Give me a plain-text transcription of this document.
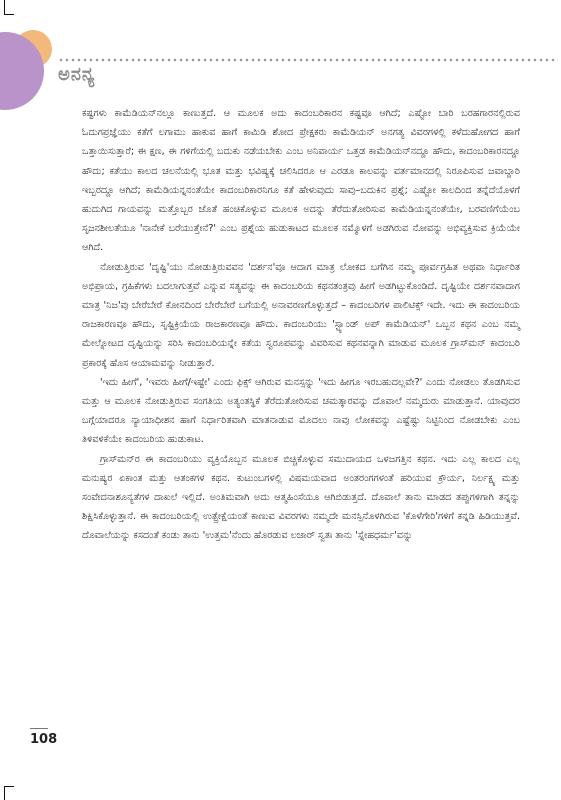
ಅನನ್ಯ

ಕಷ್ಟಗಳು ಕಾಮೆಡಿಯನ್‌ನಲ್ಲೂ ಕಾಣುತ್ತದೆ. ಆ ಮೂಲಕ ಅದು ಕಾದಂಬರಿಕಾರನ ಕಷ್ಟವೂ ಆಗಿದೆ; ಎಷ್ಟೋ ಬಾರಿ ಬರಹಗಾರನಲ್ಲಿರುವ ಓದುಗಪ್ರಜ್ಞೆಯು ಕತೆಗೆ ಲಗಾಮು ಹಾಕುವ ಹಾಗೆ ಕಾಮಿಡಿ ಶೋದ ಪ್ರೇಕ್ಷಕರು ಕಾಮೆಡಿಯನ್ ಅನಗತ್ಯ ವಿವರಗಳಲ್ಲಿ ಕಳೆದುಹೋಗದ ಹಾಗೆ ಒತ್ತಾಯಿಸುತ್ತಾರೆ; ಈ ಕ್ಷಣ, ಈ ಗಳಿಗೆಯಲ್ಲಿ ಬದುಕು ನಡೆಯಬೇಕು ಎಂಬ ಅನಿವಾರ್ಯ ಒತ್ತಡ ಕಾಮೆಡಿಯನ್‌ನದ್ದೂ ಹೌದು, ಕಾದಂಬರಿಕಾರನದ್ದೂ ಹೌದು; ಕತೆಯು ಕಾಲದ ಚಲನೆಯಲ್ಲಿ ಭೂತ ಮತ್ತು ಭವಿಷ್ಯಕ್ಕೆ ಚಲಿಸಿದರೂ ಆ ಎರಡೂ ಕಾಲವನ್ನು ವರ್ತಮಾನದಲ್ಲಿ ನಿರೂಪಿಸುವ ಜವಾಬ್ದಾರಿ ಇಬ್ಬರದ್ದೂ ಆಗಿದೆ; ಕಾಮೆಡಿಯನ್ನನಂತೆಯೇ ಕಾದಂಬರಿಕಾರನಿಗೂ ಕತೆ ಹೇಳುವುದು ಸಾವು–ಬದುಕಿನ ಪ್ರಶ್ನೆ; ಎಷ್ಟೋ ಕಾಲದಿಂದ ತನ್ನೆದೆಯೊಳಗೆ ಹುದುಗಿದ ಗಾಯವನ್ನು ಮತ್ತೊಬ್ಬರ ಜೊತೆ ಹಂಚಿಕೊಳ್ಳುವ ಮೂಲಕ ಅದನ್ನು ತೆರೆದುತೋರಿಸುವ ಕಾಮೆಡಿಯನ್ನನಂತೆಯೇ, ಬರವಣಿಗೆಯೆಂಬ ಸೃಜನಶೀಲತೆಯೂ 'ನಾನೇಕೆ ಬರೆಯುತ್ತೇನೆ?' ಎಂಬ ಪ್ರಶ್ನೆಯ ಹುಡುಕಾಟದ ಮೂಲಕ ನಮ್ಮೊಳಗೆ ಅಡಗಿರುವ ನೋವನ್ನು ಅಭಿವ್ಯಕ್ತಿಸುವ ಕ್ರಿಯೆಯೇ ಆಗಿದೆ.

ನೋಡುತ್ತಿರುವ 'ದೃಷ್ಟಿ'ಯು ನೋಡುತ್ತಿರುವವನ 'ದರ್ಶನ'ವೂ ಆದಾಗ ಮಾತ್ರ ಲೋಕದ ಬಗೆಗಿನ ನಮ್ಮ ಪೂರ್ವಗ್ರಹಿತ ಅಥವಾ ನಿರ್ಧಾರಿತ ಅಭಿಪ್ರಾಯ, ಗ್ರಹಿಕೆಗಳು ಬದಲಾಗುತ್ತವೆ ಎನ್ನುವ ಸತ್ಯವನ್ನು ಈ ಕಾದಂಬರಿಯ ಕಥನತಂತ್ರವು ಹೀಗೆ ಅಡಗಿಟ್ಟುಕೊಂಡಿದೆ. ದೃಷ್ಟಿಯೇ ದರ್ಶನವಾದಾಗ ಮಾತ್ರ 'ನಿಜ'ವು ಬೇರೆಬೇರೆ ಕೋನದಿಂದ ಬೇರೆಬೇರೆ ಬಗೆಯಲ್ಲಿ ಅನಾವರಣಗೊಳ್ಳುತ್ತದೆ – ಕಾದಂಬರಿಗಳ ಪಾಲಿಟಿಕ್ಸ್ ಇದೇ. ಇದು ಈ ಕಾದಂಬರಿಯ ರಾಜಕಾರಣವೂ ಹೌದು, ಸೃಷ್ಟಿಕ್ರಿಯೆಯ ರಾಜಕಾರಣವೂ ಹೌದು. ಕಾದಂಬರಿಯು 'ಸ್ಟ್ಯಾಂಡ್ ಅಪ್ ಕಾಮೆಡಿಯನ್' ಒಬ್ಬನ ಕಥನ ಎಂಬ ನಮ್ಮ ಮೇಲ್ನೋಟದ ದೃಷ್ಟಿಯನ್ನು ಸರಿಸಿ ಕಾದಂಬರಿಯನ್ನೇ ಕತೆಯ ಸ್ವರೂಪವನ್ನು ವಿವರಿಸುವ ಕಥನವನ್ನಾಗಿ ಮಾಡುವ ಮೂಲಕ ಗ್ರಾಸ್‌ಮನ್ ಕಾದಂಬರಿ ಪ್ರಕಾರಕ್ಕೆ ಹೊಸ ಆಯಾಮವನ್ನು ನೀಡುತ್ತಾರೆ.

'ಇದು ಹೀಗೆ', 'ಇವರು ಹೀಗೆ/ಇಷ್ಟೇ' ಎಂದು ಫಿಕ್ಸ್ ಆಗಿರುವ ಮನಸ್ಸನ್ನು 'ಇದು ಹೀಗೂ ಇರಬಹುದಲ್ಲವೇ?' ಎಂದು ನೋಡಲು ತೊಡಗಿಸುವ ಮತ್ತು ಆ ಮೂಲಕ ನೋಡುತ್ತಿರುವ ಸಂಗತಿಯ ಅತ್ಯಂತಸ್ಥಿಕೆ ತೆರೆದುತೋರಿಸುವ ಚಮತ್ಕಾರವನ್ನು ದೊವಾಲೆ ನಮ್ಮದುರು ಮಾಡುತ್ತಾನೆ. ಯಾವುದರ ಬಗ್ಗೆಯಾದರೂ ನ್ಯಾಯಾಧೀಶನ ಹಾಗೆ ನಿರ್ಧಾರಿತವಾಗಿ ಮಾತನಾಡುವ ಮೊದಲು ನಾವು ಲೋಕವನ್ನು ಎಷ್ಟೆಷ್ಟು ನಿಟ್ಟಿನಿಂದ ನೋಡಬೇಕು ಎಂಬ ತಿಳಿವಳಿಕೆಯೇ ಕಾದಂಬರಿಯ ಹುಡುಕಾಟ.

ಗ್ರಾಸ್‌ಮನ್‌ರ ಈ ಕಾದಂಬರಿಯು ವ್ಯಕ್ತಿಯೊಬ್ಬನ ಮೂಲಕ ಬಿಚ್ಚಿಕೊಳ್ಳುವ ಸಮುದಾಯದ ಒಳಜಗತ್ತಿನ ಕಥನ. ಇದು ಎಲ್ಲ ಕಾಲದ ಎಲ್ಲ ಮನುಷ್ಯರ ಏಕಾಂತ ಮತ್ತು ಆತಂಕಗಳ ಕಥನ. ಕುಟುಂಬಗಳಲ್ಲಿ ವಿಷಮಯವಾದ ಅಂತರಂಗಗಳಂತೆ ಹರಿಯುವ ಕ್ರೌರ್ಯ, ನಿರ್ಲಕ್ಷ್ಯ ಮತ್ತು ಸಂವೇದನಾಶೂನ್ಯತೆಗಳ ದಾಖಲೆ ಇಲ್ಲಿದೆ. ಅಂತಿಮವಾಗಿ ಅದು ಆತ್ಮಹಿಂಸೆಯೂ ಆಗಿಬಿಡುತ್ತದೆ. ದೊವಾಲೆ ತಾನು ಮಾಡದ ತಪ್ಪುಗಳಿಗಾಗಿ ತನ್ನನ್ನು ಶಿಕ್ಷಿಸಿಕೊಳ್ಳುತ್ತಾನೆ. ಈ ಕಾದಂಬರಿಯಲ್ಲಿ ಉತ್ಪ್ರೇಕ್ಷೆಯಂತೆ ಕಾಣುವ ವಿವರಗಳು ನಮ್ಮದೇ ಮನಸ್ಸಿನೊಳಗಿರುವ 'ಕೊಳೆಗೇರಿ'ಗಳಿಗೆ ಕನ್ನಡಿ ಹಿಡಿಯುತ್ತವೆ. ದೊವಾಲೆಯನ್ನು ಕಸದಂತೆ ಕಂಡು ತಾನು 'ಉತ್ತಮ'ನೆಂದು ಹೊರಡುವ ಲಜಾರ್ ಸ್ವತಃ ತಾನು 'ಸ್ನೇಹಧರ್ಮ'ವನ್ನು

108
